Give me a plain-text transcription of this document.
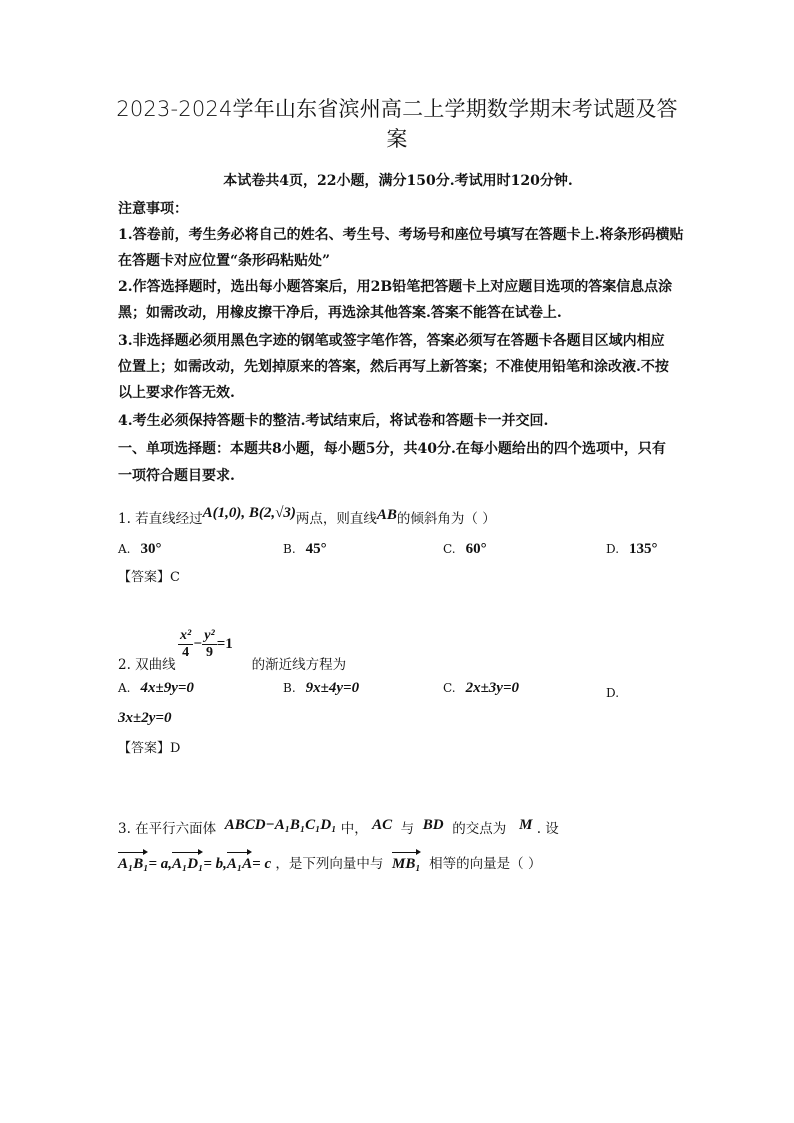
2023-2024学年山东省滨州高二上学期数学期末考试题及答
案
本试卷共4页，22小题，满分150分.考试用时120分钟.
注意事项：
1.答卷前，考生务必将自己的姓名、考生号、考场号和座位号填写在答题卡上.将条形码横贴
在答题卡对应位置“条形码粘贴处”
2.作答选择题时，选出每小题答案后，用2B铅笔把答题卡上对应题目选项的答案信息点涂
黑；如需改动，用橡皮擦干净后，再选涂其他答案.答案不能答在试卷上.
3.非选择题必须用黑色字迹的钢笔或签字笔作答，答案必须写在答题卡各题目区域内相应
位置上；如需改动，先划掉原来的答案，然后再写上新答案；不准使用铅笔和涂改液.不按
以上要求作答无效.
4.考生必须保持答题卡的整洁.考试结束后，将试卷和答题卡一并交回.
一、单项选择题：本题共8小题，每小题5分，共40分.在每小题给出的四个选项中，只有
一项符合题目要求.
1. 若直线经过A(1,0), B(2,√3)两点，则直线AB的倾斜角为（ ）
A. 30°	B. 45°	C. 60°	D. 135°
【答案】C
$\frac{\text{x²}}{4} - \frac{\text{y²}}{9} =1$
2. 双曲线	的渐近线方程为
A. 4x±9y=0	B. 9x±4y=0	C. 2x±3y=0	D.
3x±2y=0
【答案】D
3. 在平行六面体 ABCD−A₁B₁C₁D₁ 中， AC 与 BD 的交点为 M . 设
A₁B₁= a,A₁D₁= b,A₁A= c ，是下列向量中与 MB₁ 相等的向量是（ ）
